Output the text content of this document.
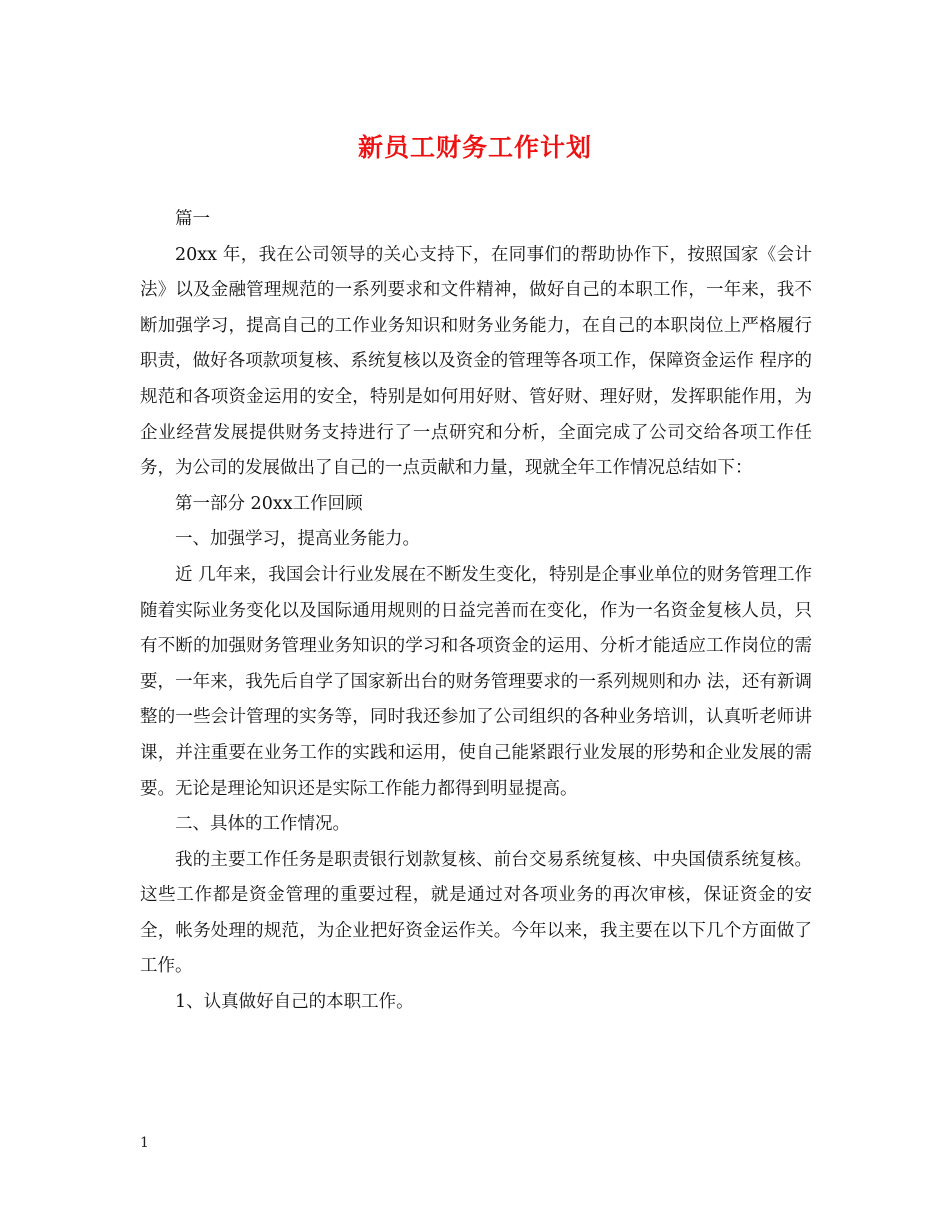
新员工财务工作计划

篇一

20xx 年，我在公司领导的关心支持下，在同事们的帮助协作下，按照国家《会计法》以及金融管理规范的一系列要求和文件精神，做好自己的本职工作，一年来，我不断加强学习，提高自己的工作业务知识和财务业务能力，在自己的本职岗位上严格履行职责，做好各项款项复核、系统复核以及资金的管理等各项工作，保障资金运作 程序的规范和各项资金运用的安全，特别是如何用好财、管好财、理好财，发挥职能作用，为企业经营发展提供财务支持进行了一点研究和分析，全面完成了公司交给各项工作任务，为公司的发展做出了自己的一点贡献和力量，现就全年工作情况总结如下：

第一部分 20xx工作回顾

一、加强学习，提高业务能力。

近 几年来，我国会计行业发展在不断发生变化，特别是企事业单位的财务管理工作随着实际业务变化以及国际通用规则的日益完善而在变化，作为一名资金复核人员，只有不断的加强财务管理业务知识的学习和各项资金的运用、分析才能适应工作岗位的需要，一年来，我先后自学了国家新出台的财务管理要求的一系列规则和办 法，还有新调整的一些会计管理的实务等，同时我还参加了公司组织的各种业务培训，认真听老师讲课，并注重要在业务工作的实践和运用，使自己能紧跟行业发展的形势和企业发展的需要。无论是理论知识还是实际工作能力都得到明显提高。

二、具体的工作情况。

我的主要工作任务是职责银行划款复核、前台交易系统复核、中央国债系统复核。这些工作都是资金管理的重要过程，就是通过对各项业务的再次审核，保证资金的安全，帐务处理的规范，为企业把好资金运作关。今年以来，我主要在以下几个方面做了工作。

1、认真做好自己的本职工作。

1
